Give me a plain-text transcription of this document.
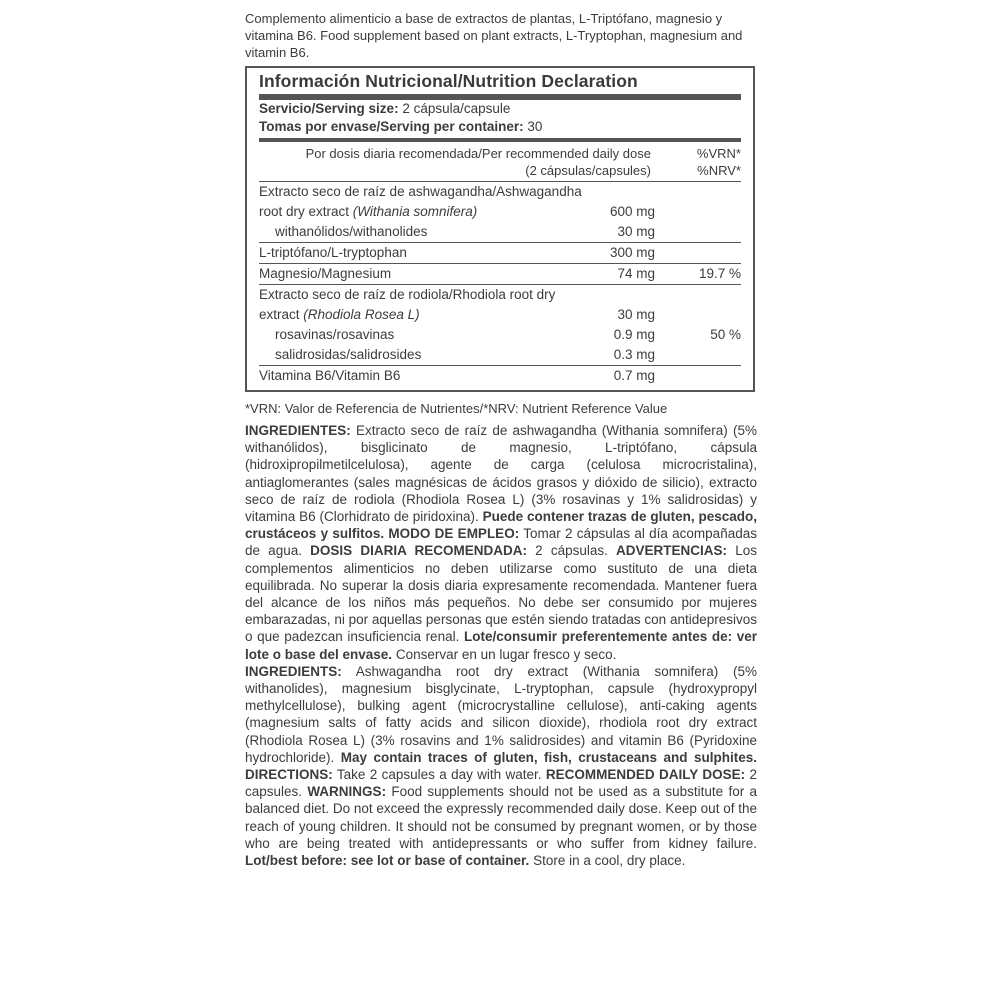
Complemento alimenticio a base de extractos de plantas, L-Triptófano, magnesio y vitamina B6. Food supplement based on plant extracts, L-Tryptophan, magnesium and vitamin B6.

Información Nutricional/Nutrition Declaration
Servicio/Serving size: 2 cápsula/capsule
Tomas por envase/Serving per container: 30
Por dosis diaria recomendada/Per recommended daily dose
(2 cápsulas/capsules)
%VRN*
%NRV*
Extracto seco de raíz de ashwagandha/Ashwagandha
root dry extract (Withania somnifera)	600 mg
withanólidos/withanolides	30 mg
L-triptófano/L-tryptophan	300 mg
Magnesio/Magnesium	74 mg	19.7 %
Extracto seco de raíz de rodiola/Rhodiola root dry
extract (Rhodiola Rosea L)	30 mg
rosavinas/rosavinas	0.9 mg	50 %
salidrosidas/salidrosides	0.3 mg
Vitamina B6/Vitamin B6	0.7 mg

*VRN: Valor de Referencia de Nutrientes/*NRV: Nutrient Reference Value

INGREDIENTES: Extracto seco de raíz de ashwagandha (Withania somnifera) (5% withanólidos), bisglicinato de magnesio, L-triptófano, cápsula (hidroxipropilmetilcelulosa), agente de carga (celulosa microcristalina), antiaglomerantes (sales magnésicas de ácidos grasos y dióxido de silicio), extracto seco de raíz de rodiola (Rhodiola Rosea L) (3% rosavinas y 1% salidrosidas) y vitamina B6 (Clorhidrato de piridoxina). Puede contener trazas de gluten, pescado, crustáceos y sulfitos. MODO DE EMPLEO: Tomar 2 cápsulas al día acompañadas de agua. DOSIS DIARIA RECOMENDADA: 2 cápsulas. ADVERTENCIAS: Los complementos alimenticios no deben utilizarse como sustituto de una dieta equilibrada. No superar la dosis diaria expresamente recomendada. Mantener fuera del alcance de los niños más pequeños. No debe ser consumido por mujeres embarazadas, ni por aquellas personas que estén siendo tratadas con antidepresivos o que padezcan insuficiencia renal. Lote/consumir preferentemente antes de: ver lote o base del envase. Conservar en un lugar fresco y seco.

INGREDIENTS: Ashwagandha root dry extract (Withania somnifera) (5% withanolides), magnesium bisglycinate, L-tryptophan, capsule (hydroxypropyl methylcellulose), bulking agent (microcrystalline cellulose), anti-caking agents (magnesium salts of fatty acids and silicon dioxide), rhodiola root dry extract (Rhodiola Rosea L) (3% rosavins and 1% salidrosides) and vitamin B6 (Pyridoxine hydrochloride). May contain traces of gluten, fish, crustaceans and sulphites. DIRECTIONS: Take 2 capsules a day with water. RECOMMENDED DAILY DOSE: 2 capsules. WARNINGS: Food supplements should not be used as a substitute for a balanced diet. Do not exceed the expressly recommended daily dose. Keep out of the reach of young children. It should not be consumed by pregnant women, or by those who are being treated with antidepressants or who suffer from kidney failure. Lot/best before: see lot or base of container. Store in a cool, dry place.
